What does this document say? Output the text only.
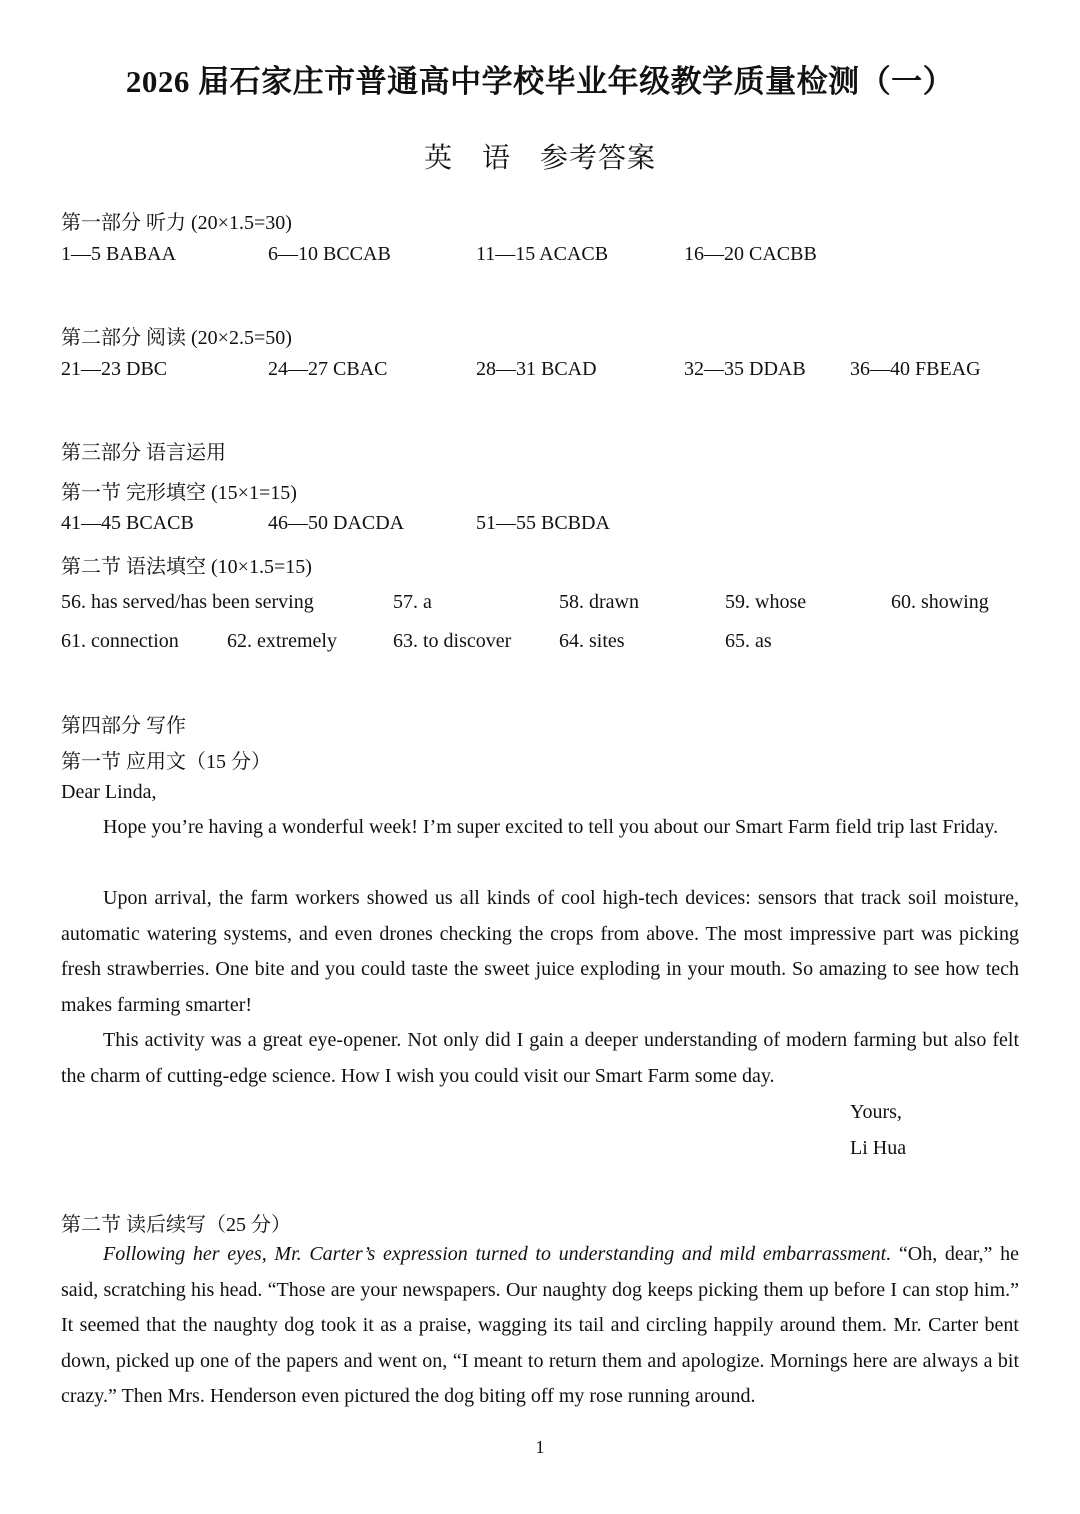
2026 届石家庄市普通高中学校毕业年级教学质量检测（一）
英　语　参考答案
第一部分 听力 (20×1.5=30)
1—5 BABAA	6—10 BCCAB	11—15 ACACB	16—20 CACBB
第二部分 阅读 (20×2.5=50)
21—23 DBC	24—27 CBAC	28—31 BCAD	32—35 DDAB 36—40 FBEAG
第三部分 语言运用
第一节 完形填空 (15×1=15)
41—45 BCACB	46—50 DACDA	51—55 BCBDA
第二节 语法填空 (10×1.5=15)
56. has served/has been serving	57. a	58. drawn	59. whose	60. showing
61. connection 62. extremely	63. to discover 64. sites	65. as
第四部分 写作
第一节 应用文（15 分）
Dear Linda,
Hope you’re having a wonderful week! I’m super excited to tell you about our Smart Farm field trip last Friday.
Upon arrival, the farm workers showed us all kinds of cool high-tech devices: sensors that track soil moisture, automatic watering systems, and even drones checking the crops from above. The most impressive part was picking fresh strawberries. One bite and you could taste the sweet juice exploding in your mouth. So amazing to see how tech makes farming smarter!
This activity was a great eye-opener. Not only did I gain a deeper understanding of modern farming but also felt the charm of cutting-edge science. How I wish you could visit our Smart Farm some day.
Yours,
Li Hua
第二节 读后续写（25 分）
Following her eyes, Mr. Carter’s expression turned to understanding and mild embarrassment. “Oh, dear,” he said, scratching his head. “Those are your newspapers. Our naughty dog keeps picking them up before I can stop him.” It seemed that the naughty dog took it as a praise, wagging its tail and circling happily around them. Mr. Carter bent down, picked up one of the papers and went on, “I meant to return them and apologize. Mornings here are always a bit crazy.” Then Mrs. Henderson even pictured the dog biting off my rose running around.
1
